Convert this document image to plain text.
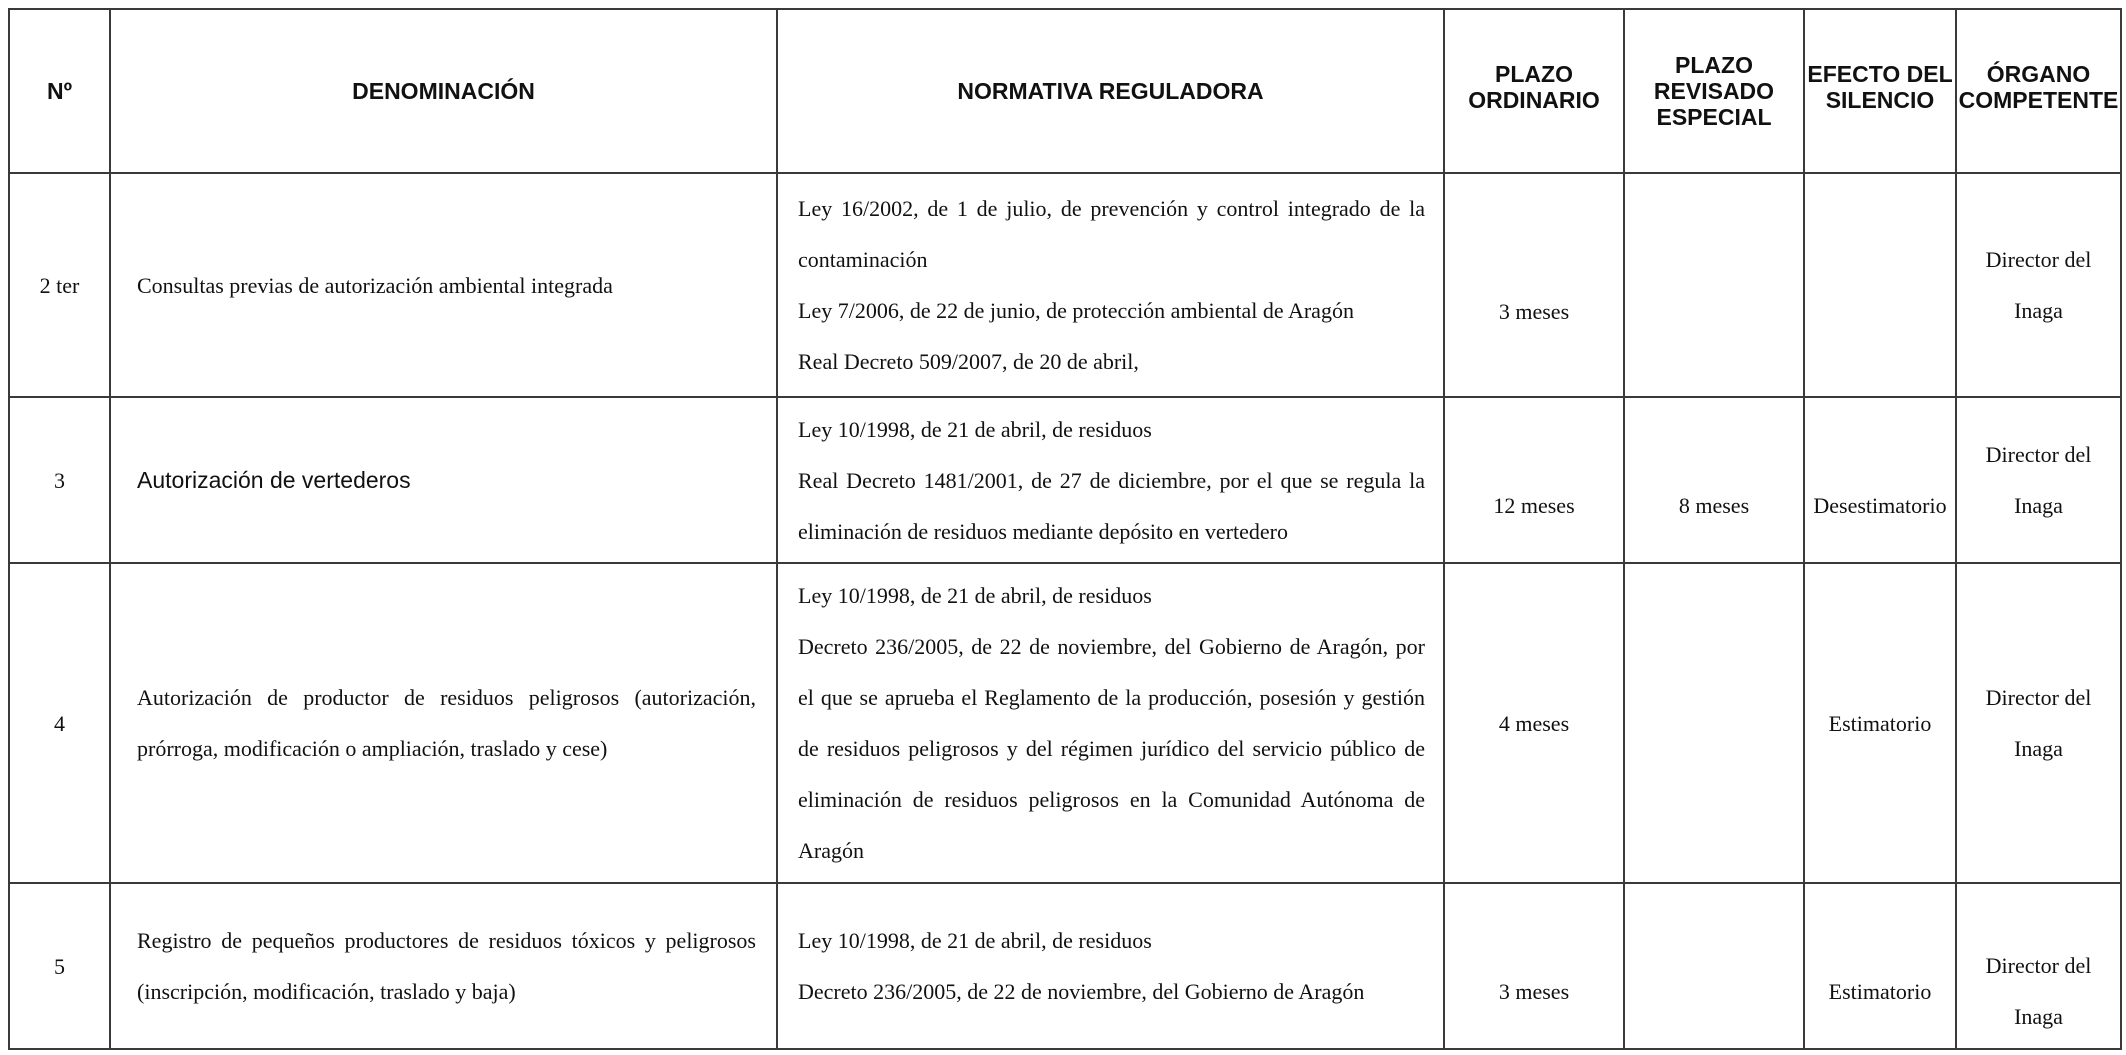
Nº	DENOMINACIÓN	NORMATIVA REGULADORA	PLAZO ORDINARIO	PLAZO REVISADO ESPECIAL	EFECTO DEL SILENCIO	ÓRGANO COMPETENTE

2 ter	Consultas previas de autorización ambiental integrada	Ley 16/2002, de 1 de julio, de prevención y control integrado de la contaminación

Ley 7/2006, de 22 de junio, de protección ambiental de Aragón

Real Decreto 509/2007, de 20 de abril,	3 meses			Director del Inaga
3	Autorización de vertederos	Ley 10/1998, de 21 de abril, de residuos

Real Decreto 1481/2001, de 27 de diciembre, por el que se regula la eliminación de residuos mediante depósito en vertedero	12 meses	8 meses	Desestimatorio	Director del Inaga
4	Autorización de productor de residuos peligrosos (autorización, prórroga, modificación o ampliación, traslado y cese)	Ley 10/1998, de 21 de abril, de residuos

Decreto 236/2005, de 22 de noviembre, del Gobierno de Aragón, por el que se aprueba el Reglamento de la producción, posesión y gestión de residuos peligrosos y del régimen jurídico del servicio público de eliminación de residuos peligrosos en la Comunidad Autónoma de Aragón	4 meses		Estimatorio	Director del Inaga
5	Registro de pequeños productores de residuos tóxicos y peligrosos (inscripción, modificación, traslado y baja)	Ley 10/1998, de 21 de abril, de residuos

Decreto 236/2005, de 22 de noviembre, del Gobierno de Aragón	3 meses		Estimatorio	Director del Inaga
